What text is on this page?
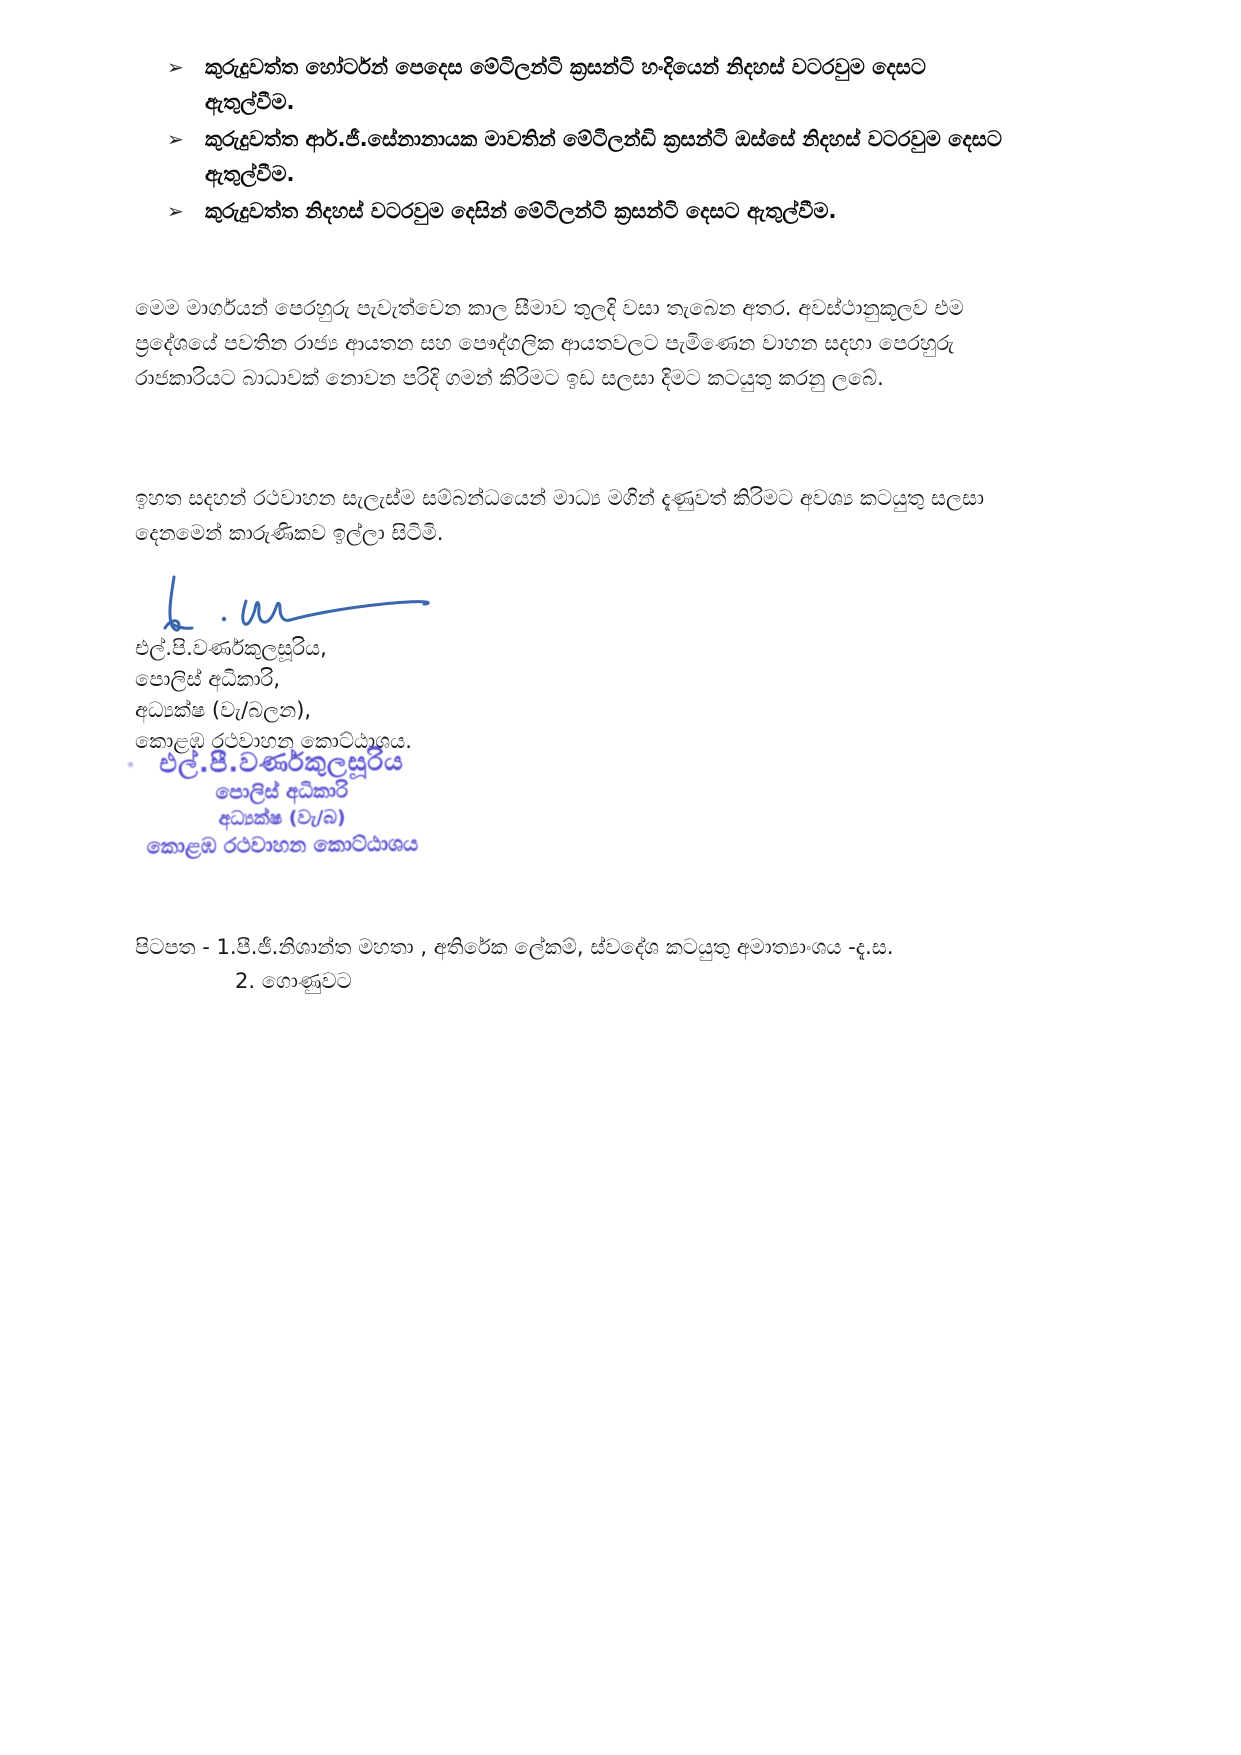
➢	කුරුදුවත්ත හෝර්ටන් පෙදෙස මේටිලන්ටි ක්‍රසන්ටි හංදියෙන් නිදහස් වටරවුම දෙසට ඇතුල්වීම.
➢	කුරුදුවත්ත ආර්.ජී.සේනානායක මාවතින් මේටිලන්ඩි ක්‍රසන්ටි ඔස්සේ නිදහස් වටරවුම දෙසට ඇතුල්වීම.
➢	කුරුදුවත්ත නිදහස් වටරවුම දෙසින් මේටිලන්ටි ක්‍රසන්ටි දෙසට ඇතුල්වීම.

මෙම මාර්ගයන් පෙරහුරු පැවැත්වෙන කාල සීමාව තුලදි වසා තැබෙන අතර. අවස්ථානුකූලව එම ප්‍රදේශයේ පවතින රාජ්‍ය ආයතන සහ පෞද්ගලික ආයතවලට පැමිණෙන වාහන සදහා පෙරහුරු රාජකාරියට බාධාවක් නොවන පරිදි ගමන් කිරිමට ඉඩ සලසා දිමට කටයුතු කරනු ලබේ.

ඉහත සදහන් රථවාහන සැලැස්ම සම්බන්ධයෙන් මාධ්‍ය මගින් දැණුවත් කිරිමට අවශ්‍ය කටයුතු සලසා දෙනමෙන් කාරුණිකව ඉල්ලා සිටිමි.

එල්.පි.වර්ණකුලසූරිය,
පොලිස් අධිකාරි,
අධ්‍යක්ෂ (වැ/බලන),
කොළඹ රථවාහන කොට්ඨාශය.
එල්.පී.වර්ණකුලසූරිය
පොලිස් අධිකාරි
අධ්‍යක්ෂ (වැ/බ)
කොළඹ රථවාහන කොට්ඨාශය
පිටපත - 1.පී.ජී.නිශාන්ත මහතා , අතිරේක ලේකම්, ස්වදේශ කටයුතු අමාත්‍යාංශය -දැ.ස.
2. ගොණුවට
